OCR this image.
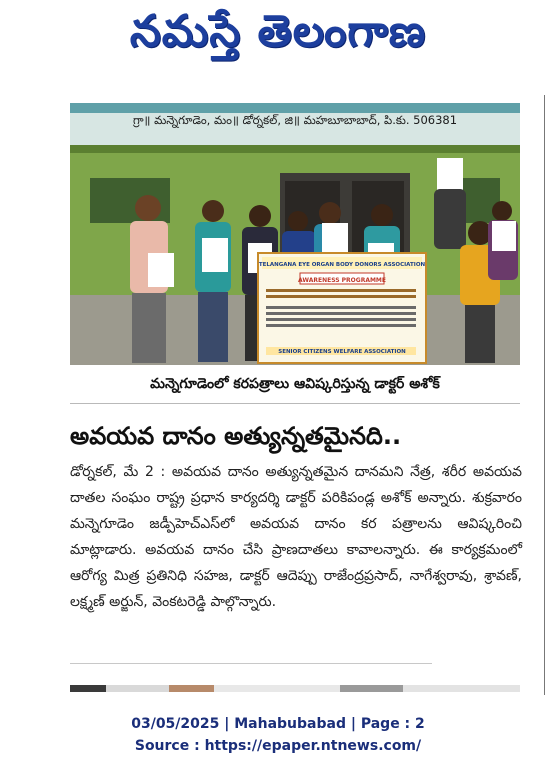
నమస్తే తెలంగాణ
TELANGANA EYE ORGAN BODY DONORS ASSOCIATION
AWARENESS PROGRAMME
SENIOR CITIZENS WELFARE ASSOCIATION
గ్రా॥ మన్నెగూడెం, మం॥ డోర్నకల్, జి॥ మహబూబాబాద్, పి.కు. 506381
మన్నెగూడెంలో కరపత్రాలు ఆవిష్కరిస్తున్న డాక్టర్ అశోక్
అవయవ దానం అత్యున్నతమైనది..
డోర్నకల్, మే 2 : అవయవ దానం అత్యున్నతమైన దానమని నేత్ర, శరీర అవయవ దాతల సంఘం రాష్ట్ర ప్రధాన కార్యదర్శి డాక్టర్ పరికిపండ్ల అశోక్ అన్నారు. శుక్రవారం మన్నెగూడెం జడ్పీహెచ్ఎస్‌లో అవయవ దానం కర పత్రాలను ఆవిష్కరించి మాట్లాడారు. అవయవ దానం చేసి ప్రాణదాతలు కావాలన్నారు. ఈ కార్యక్రమంలో ఆరోగ్య మిత్ర ప్రతినిధి సహజ, డాక్టర్ ఆదెప్పు రాజేంద్రప్రసాద్, నాగేశ్వరావు, శ్రావణ్, లక్ష్మణ్ అర్జున్, వెంకటరెడ్డి పాల్గొన్నారు.
03/05/2025 | Mahabubabad | Page : 2
Source : https://epaper.ntnews.com/
